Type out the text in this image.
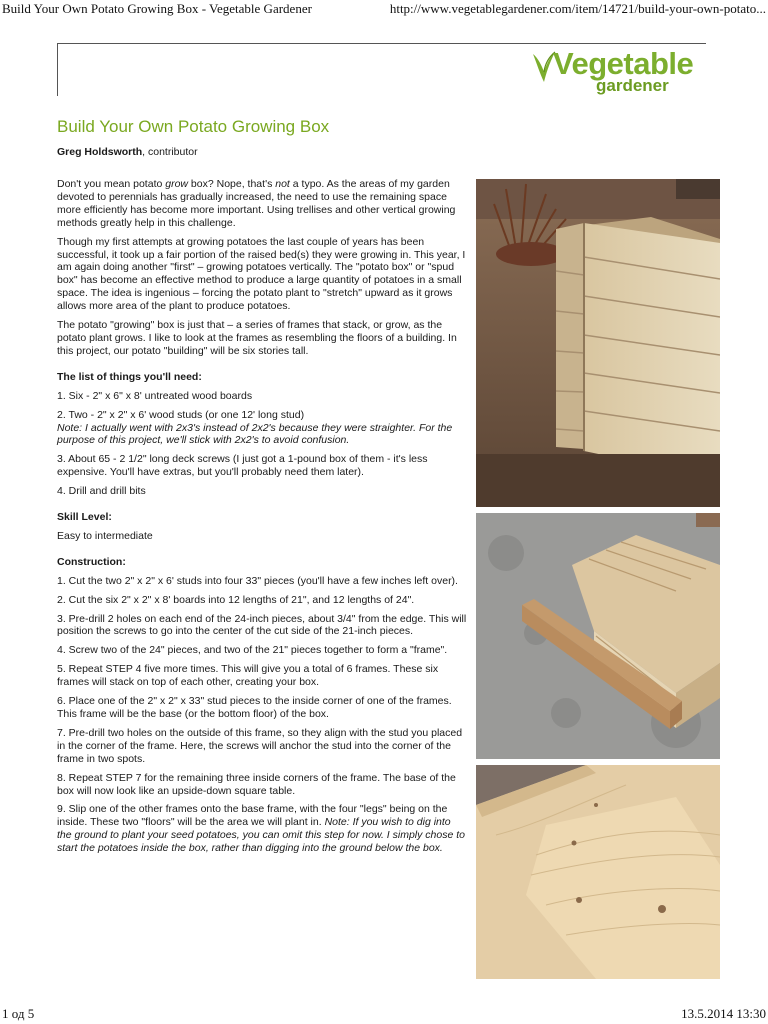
Build Your Own Potato Growing Box - Vegetable Gardener	http://www.vegetablegardener.com/item/14721/build-your-own-potato...
Vegetable
gardener
Build Your Own Potato Growing Box
Greg Holdsworth, contributor

Don't you mean potato grow box? Nope, that's not a typo. As the areas of my garden devoted to perennials has gradually increased, the need to use the remaining space more efficiently has become more important. Using trellises and other vertical growing methods greatly help in this challenge.

Though my first attempts at growing potatoes the last couple of years has been successful, it took up a fair portion of the raised bed(s) they were growing in. This year, I am again doing another "first" – growing potatoes vertically. The "potato box" or "spud box" has become an effective method to produce a large quantity of potatoes in a small space. The idea is ingenious – forcing the potato plant to "stretch" upward as it grows allows more area of the plant to produce potatoes.

The potato "growing" box is just that – a series of frames that stack, or grow, as the potato plant grows. I like to look at the frames as resembling the floors of a building. In this project, our potato "building" will be six stories tall.

The list of things you'll need:

1. Six - 2" x 6" x 8' untreated wood boards

2. Two - 2" x 2" x 6' wood studs (or one 12' long stud)
Note: I actually went with 2x3's instead of 2x2's because they were straighter. For the purpose of this project, we'll stick with 2x2's to avoid confusion.

3. About 65 - 2 1/2" long deck screws (I just got a 1-pound box of them - it's less expensive. You'll have extras, but you'll probably need them later).

4. Drill and drill bits

Skill Level:

Easy to intermediate

Construction:

1. Cut the two 2" x 2" x 6' studs into four 33" pieces (you'll have a few inches left over).

2. Cut the six 2" x 2" x 8' boards into 12 lengths of 21", and 12 lengths of 24".

3. Pre-drill 2 holes on each end of the 24-inch pieces, about 3/4" from the edge. This will position the screws to go into the center of the cut side of the 21-inch pieces.

4. Screw two of the 24" pieces, and two of the 21" pieces together to form a "frame".

5. Repeat STEP 4 five more times. This will give you a total of 6 frames. These six frames will stack on top of each other, creating your box.

6. Place one of the 2" x 2" x 33" stud pieces to the inside corner of one of the frames. This frame will be the base (or the bottom floor) of the box.

7. Pre-drill two holes on the outside of this frame, so they align with the stud you placed in the corner of the frame. Here, the screws will anchor the stud into the corner of the frame in two spots.

8. Repeat STEP 7 for the remaining three inside corners of the frame. The base of the box will now look like an upside-down square table.

9. Slip one of the other frames onto the base frame, with the four "legs" being on the inside. These two "floors" will be the area we will plant in. Note: If you wish to dig into the ground to plant your seed potatoes, you can omit this step for now. I simply chose to start the potatoes inside the box, rather than digging into the ground below the box.

1 од 5	13.5.2014 13:30
